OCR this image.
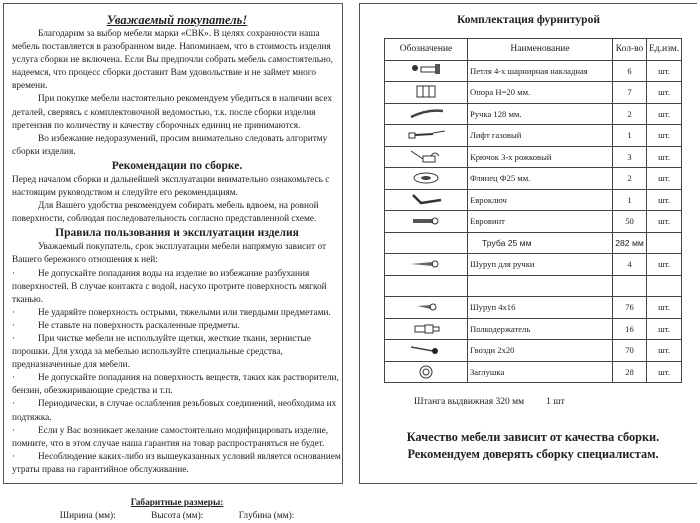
Уважаемый покупатель!

Благодарим за выбор мебели марки «СВК». В целях сохранности наша мебель поставляется в разобранном виде. Напоминаем, что в стоимость изделия услуга сборки не включена. Если Вы предпочли собрать мебель самостоятельно, надеемся, что процесс сборки доставит Вам удовольствие и не займет много времени.

При покупке мебели настоятельно рекомендуем убедиться в наличии всех деталей, сверяясь с комплектовочной ведомостью, т.к. после сборки изделия претензия по количеству и качеству сборочных единиц не принимаются.

Во избежание недоразумений, просим внимательно следовать алгоритму сборки изделия.

Рекомендации по сборке.

Перед началом сборки и дальнейшей эксплуатации внимательно ознакомьтесь с настоящим руководством и следуйте его рекомендациям.

Для Вашего удобства рекомендуем собирать мебель вдвоем, на ровной поверхности, соблюдая последовательность согласно представленной схеме.

Правила пользования и эксплуатации изделия

Уважаемый покупатель, срок эксплуатации мебели напрямую зависит от Вашего бережного отношения к ней:

· Не допускайте попадания воды на изделие во избежание разбухания поверхностей. В случае контакта с водой, насухо протрите поверхность мягкой тканью.

· Не ударяйте поверхность острыми, тяжелыми или твердыми предметами.

· Не ставьте на поверхность раскаленные предметы.

· При чистке мебели не используйте щетки, жесткие ткани, зернистые порошки. Для ухода за мебелью используйте специальные средства, предназначенные для мебели.

· Не допускайте попадания на поверхность веществ, таких как растворители, бензин, обезжиривающие средства и т.п.

· Периодически, в случае ослабления резьбовых соединений, необходима их подтяжка.

· Если у Вас возникает желание самостоятельно модифицировать изделие, помните, что в этом случае наша гарантия на товар распространяться не будет.

· Несоблюдение каких-либо из вышеуказанных условий является основанием утраты права на гарантийное обслуживание.

Габаритные размеры:

Ширина (мм):	Высота (мм):	Глубина (мм):
Комплектация фурнитурой
Обозначение	Наименование	Кол-во	Ед.изм.

	Петля 4-х шарнирная накладная	6	шт.

	Опора H=20 мм.	7	шт.

	Ручка 128 мм.	2	шт.

	Лифт газовый	1	шт.

	Крючок 3-х рожковый	3	шт.

	Флянец Ф25 мм.	2	шт.

	Евроключ	1	шт.

	Евровинт	50	шт.
	Труба 25 мм	282 мм	

	Шуруп для ручки	4	шт.

	Шуруп 4x16	76	шт.

	Полкодержатель	16	шт.

	Гвозди 2x20	70	шт.

	Заглушка	28	шт.
Штанга выдвижная 320 мм 1 шт
Качество мебели зависит от качества сборки.
Рекомендуем доверять сборку специалистам.
